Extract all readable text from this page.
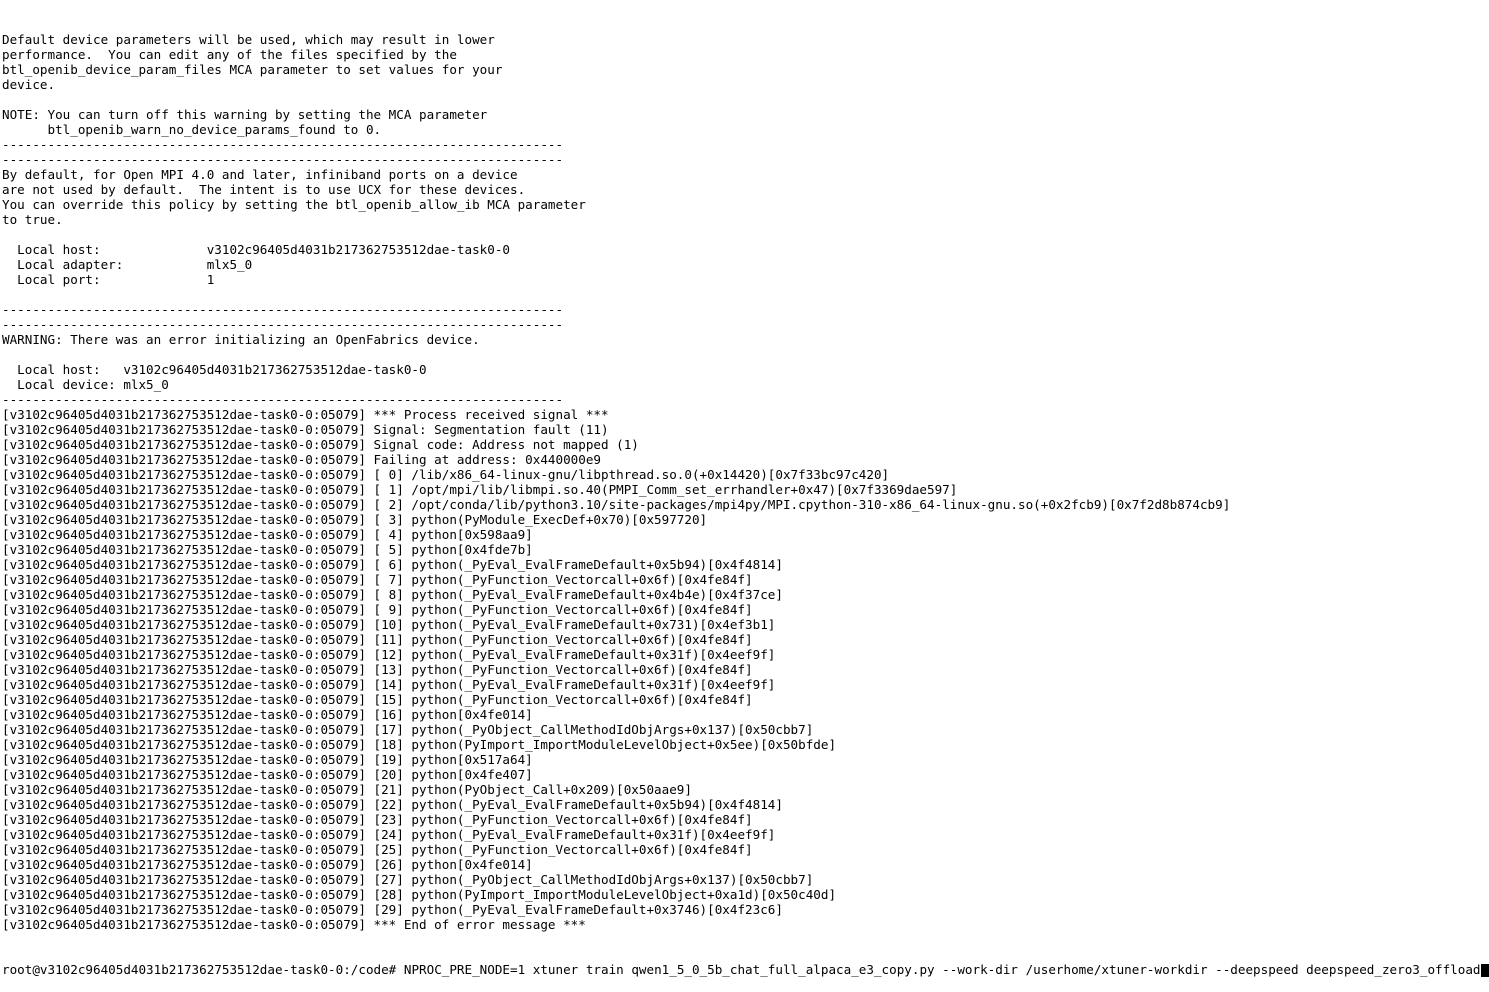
Default device parameters will be used, which may result in lower
performance.  You can edit any of the files specified by the
btl_openib_device_param_files MCA parameter to set values for your
device.

NOTE: You can turn off this warning by setting the MCA parameter
btl_openib_warn_no_device_params_found to 0.
--------------------------------------------------------------------------
--------------------------------------------------------------------------
By default, for Open MPI 4.0 and later, infiniband ports on a device
are not used by default.  The intent is to use UCX for these devices.
You can override this policy by setting the btl_openib_allow_ib MCA parameter
to true.

Local host:              v3102c96405d4031b217362753512dae-task0-0
Local adapter:           mlx5_0
Local port:              1

--------------------------------------------------------------------------
--------------------------------------------------------------------------
WARNING: There was an error initializing an OpenFabrics device.

Local host:   v3102c96405d4031b217362753512dae-task0-0
Local device: mlx5_0
--------------------------------------------------------------------------
[v3102c96405d4031b217362753512dae-task0-0:05079] *** Process received signal ***
[v3102c96405d4031b217362753512dae-task0-0:05079] Signal: Segmentation fault (11)
[v3102c96405d4031b217362753512dae-task0-0:05079] Signal code: Address not mapped (1)
[v3102c96405d4031b217362753512dae-task0-0:05079] Failing at address: 0x440000e9
[v3102c96405d4031b217362753512dae-task0-0:05079] [ 0] /lib/x86_64-linux-gnu/libpthread.so.0(+0x14420)[0x7f33bc97c420]
[v3102c96405d4031b217362753512dae-task0-0:05079] [ 1] /opt/mpi/lib/libmpi.so.40(PMPI_Comm_set_errhandler+0x47)[0x7f3369dae597]
[v3102c96405d4031b217362753512dae-task0-0:05079] [ 2] /opt/conda/lib/python3.10/site-packages/mpi4py/MPI.cpython-310-x86_64-linux-gnu.so(+0x2fcb9)[0x7f2d8b874cb9]
[v3102c96405d4031b217362753512dae-task0-0:05079] [ 3] python(PyModule_ExecDef+0x70)[0x597720]
[v3102c96405d4031b217362753512dae-task0-0:05079] [ 4] python[0x598aa9]
[v3102c96405d4031b217362753512dae-task0-0:05079] [ 5] python[0x4fde7b]
[v3102c96405d4031b217362753512dae-task0-0:05079] [ 6] python(_PyEval_EvalFrameDefault+0x5b94)[0x4f4814]
[v3102c96405d4031b217362753512dae-task0-0:05079] [ 7] python(_PyFunction_Vectorcall+0x6f)[0x4fe84f]
[v3102c96405d4031b217362753512dae-task0-0:05079] [ 8] python(_PyEval_EvalFrameDefault+0x4b4e)[0x4f37ce]
[v3102c96405d4031b217362753512dae-task0-0:05079] [ 9] python(_PyFunction_Vectorcall+0x6f)[0x4fe84f]
[v3102c96405d4031b217362753512dae-task0-0:05079] [10] python(_PyEval_EvalFrameDefault+0x731)[0x4ef3b1]
[v3102c96405d4031b217362753512dae-task0-0:05079] [11] python(_PyFunction_Vectorcall+0x6f)[0x4fe84f]
[v3102c96405d4031b217362753512dae-task0-0:05079] [12] python(_PyEval_EvalFrameDefault+0x31f)[0x4eef9f]
[v3102c96405d4031b217362753512dae-task0-0:05079] [13] python(_PyFunction_Vectorcall+0x6f)[0x4fe84f]
[v3102c96405d4031b217362753512dae-task0-0:05079] [14] python(_PyEval_EvalFrameDefault+0x31f)[0x4eef9f]
[v3102c96405d4031b217362753512dae-task0-0:05079] [15] python(_PyFunction_Vectorcall+0x6f)[0x4fe84f]
[v3102c96405d4031b217362753512dae-task0-0:05079] [16] python[0x4fe014]
[v3102c96405d4031b217362753512dae-task0-0:05079] [17] python(_PyObject_CallMethodIdObjArgs+0x137)[0x50cbb7]
[v3102c96405d4031b217362753512dae-task0-0:05079] [18] python(PyImport_ImportModuleLevelObject+0x5ee)[0x50bfde]
[v3102c96405d4031b217362753512dae-task0-0:05079] [19] python[0x517a64]
[v3102c96405d4031b217362753512dae-task0-0:05079] [20] python[0x4fe407]
[v3102c96405d4031b217362753512dae-task0-0:05079] [21] python(PyObject_Call+0x209)[0x50aae9]
[v3102c96405d4031b217362753512dae-task0-0:05079] [22] python(_PyEval_EvalFrameDefault+0x5b94)[0x4f4814]
[v3102c96405d4031b217362753512dae-task0-0:05079] [23] python(_PyFunction_Vectorcall+0x6f)[0x4fe84f]
[v3102c96405d4031b217362753512dae-task0-0:05079] [24] python(_PyEval_EvalFrameDefault+0x31f)[0x4eef9f]
[v3102c96405d4031b217362753512dae-task0-0:05079] [25] python(_PyFunction_Vectorcall+0x6f)[0x4fe84f]
[v3102c96405d4031b217362753512dae-task0-0:05079] [26] python[0x4fe014]
[v3102c96405d4031b217362753512dae-task0-0:05079] [27] python(_PyObject_CallMethodIdObjArgs+0x137)[0x50cbb7]
[v3102c96405d4031b217362753512dae-task0-0:05079] [28] python(PyImport_ImportModuleLevelObject+0xa1d)[0x50c40d]
[v3102c96405d4031b217362753512dae-task0-0:05079] [29] python(_PyEval_EvalFrameDefault+0x3746)[0x4f23c6]
[v3102c96405d4031b217362753512dae-task0-0:05079] *** End of error message ***

root@v3102c96405d4031b217362753512dae-task0-0:/code# NPROC_PRE_NODE=1 xtuner train qwen1_5_0_5b_chat_full_alpaca_e3_copy.py --work-dir /userhome/xtuner-workdir --deepspeed deepspeed_zero3_offload
